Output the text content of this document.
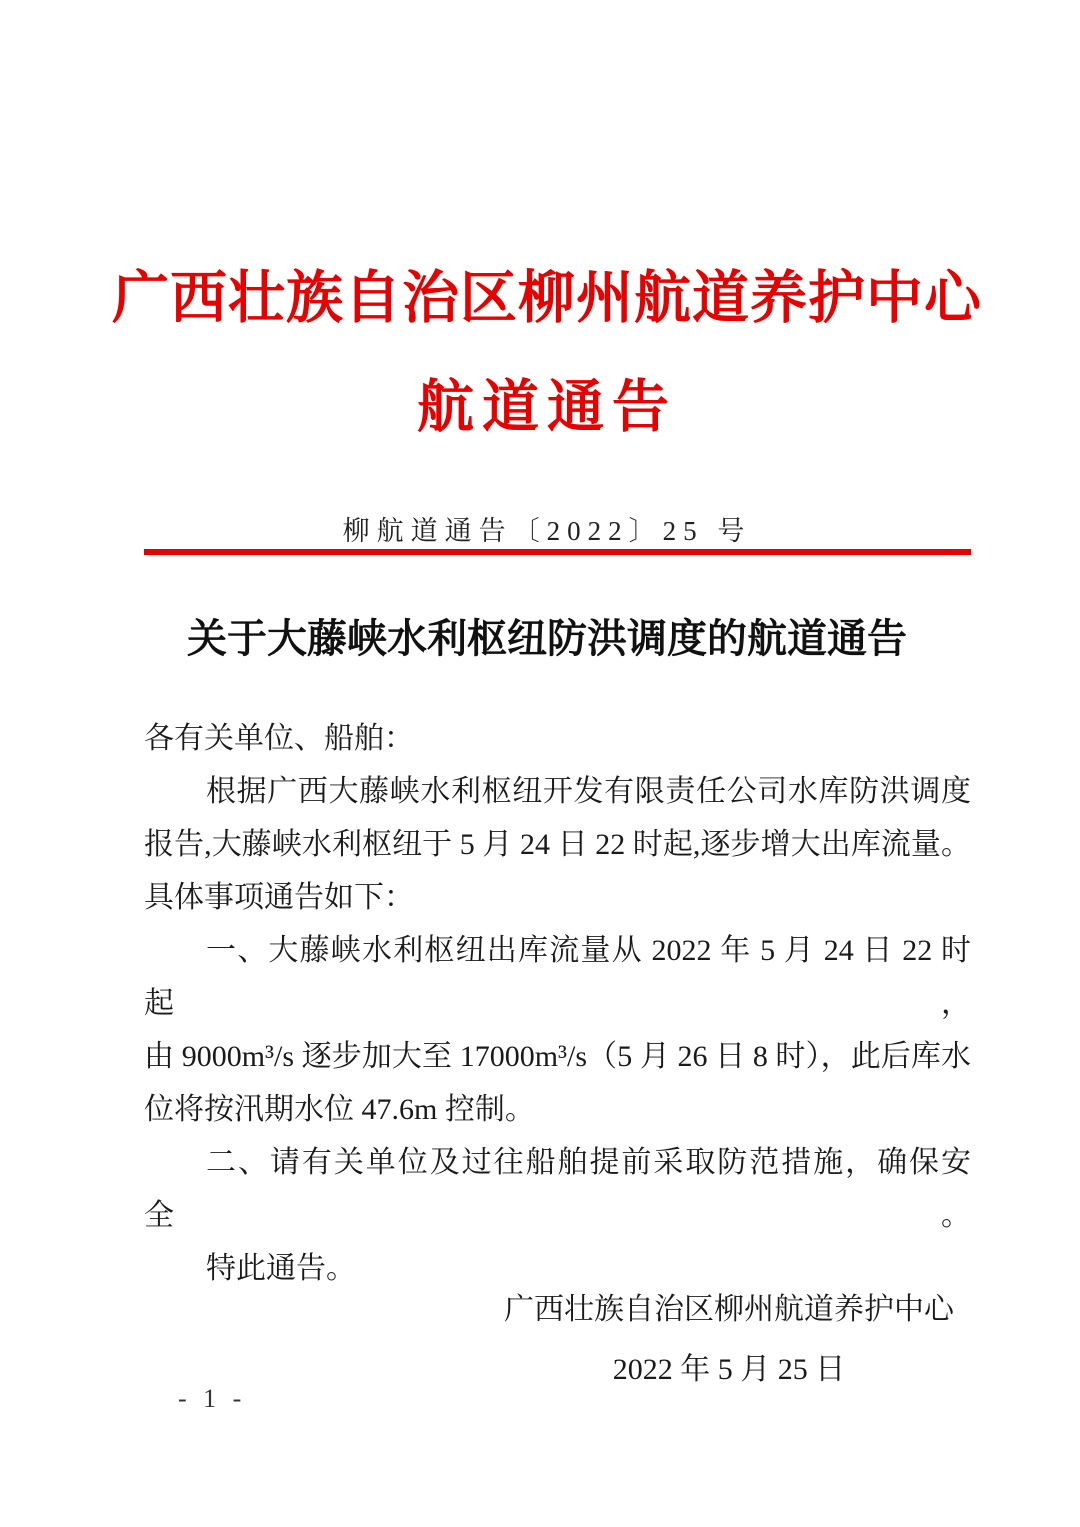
广西壮族自治区柳州航道养护中心
航道通告
柳航道通告〔2022〕25 号
关于大藤峡水利枢纽防洪调度的航道通告
各有关单位、船舶：
根据广西大藤峡水利枢纽开发有限责任公司水库防洪调度
报告,大藤峡水利枢纽于 5 月 24 日 22 时起,逐步增大出库流量。
具体事项通告如下：
一、大藤峡水利枢纽出库流量从 2022 年 5 月 24 日 22 时起，
由 9000m³/s 逐步加大至 17000m³/s（5 月 26 日 8 时），此后库水
位将按汛期水位 47.6m 控制。
二、请有关单位及过往船舶提前采取防范措施，确保安全。
特此通告。
广西壮族自治区柳州航道养护中心
2022 年 5 月 25 日
- 1 -
